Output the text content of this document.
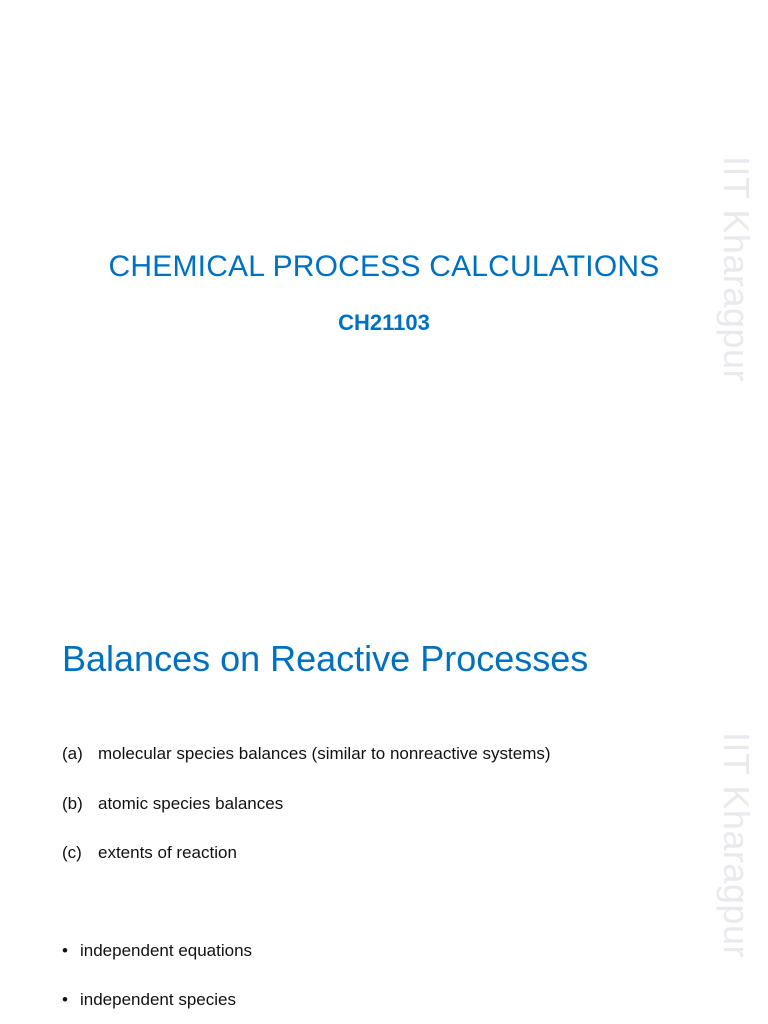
IIT Kharagpur
CHEMICAL PROCESS CALCULATIONS
CH21103
IIT Kharagpur
Balances on Reactive Processes

(a) molecular species balances (similar to nonreactive systems)

(b) atomic species balances

(c) extents of reaction

• independent equations

• independent species
